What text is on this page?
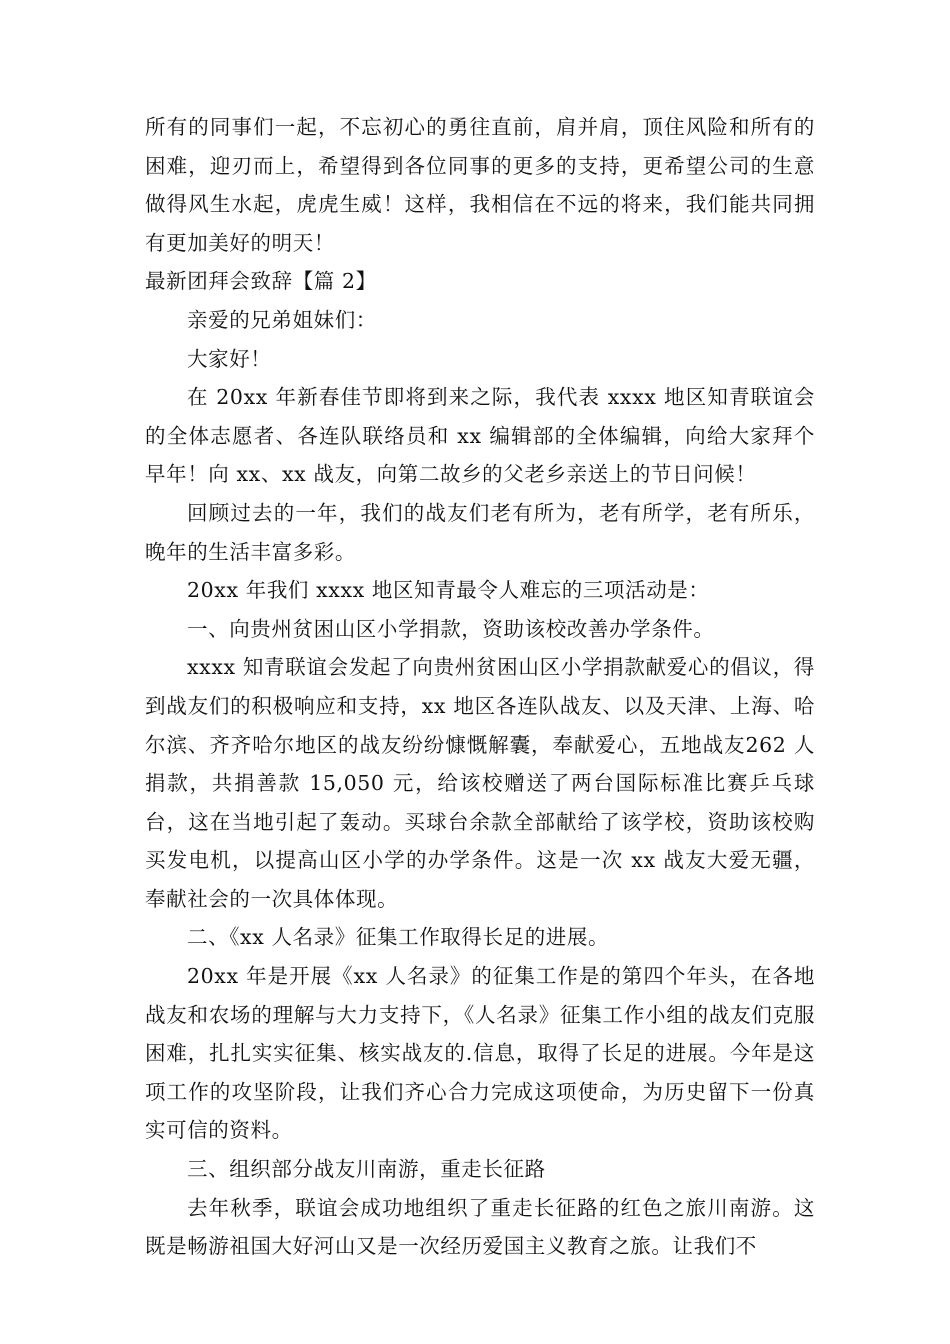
所有的同事们一起，不忘初心的勇往直前，肩并肩，顶住风险和所有的困难，迎刃而上，希望得到各位同事的更多的支持，更希望公司的生意做得风生水起，虎虎生威！这样，我相信在不远的将来，我们能共同拥有更加美好的明天！

最新团拜会致辞【篇 2】

亲爱的兄弟姐妹们：

大家好！

在 20xx 年新春佳节即将到来之际，我代表 xxxx 地区知青联谊会的全体志愿者、各连队联络员和 xx 编辑部的全体编辑，向给大家拜个早年！向 xx、xx 战友，向第二故乡的父老乡亲送上的节日问候！

回顾过去的一年，我们的战友们老有所为，老有所学，老有所乐，晚年的生活丰富多彩。

20xx 年我们 xxxx 地区知青最令人难忘的三项活动是：

一、向贵州贫困山区小学捐款，资助该校改善办学条件。

xxxx 知青联谊会发起了向贵州贫困山区小学捐款献爱心的倡议，得到战友们的积极响应和支持，xx 地区各连队战友、以及天津、上海、哈尔滨、齐齐哈尔地区的战友纷纷慷慨解囊，奉献爱心，五地战友262 人捐款，共捐善款 15,050 元，给该校赠送了两台国际标准比赛乒乓球台，这在当地引起了轰动。买球台余款全部献给了该学校，资助该校购买发电机，以提高山区小学的办学条件。这是一次 xx 战友大爱无疆，奉献社会的一次具体体现。

二、《xx 人名录》征集工作取得长足的进展。

20xx 年是开展《xx 人名录》的征集工作是的第四个年头，在各地战友和农场的理解与大力支持下，《人名录》征集工作小组的战友们克服困难，扎扎实实征集、核实战友的.信息，取得了长足的进展。今年是这项工作的攻坚阶段，让我们齐心合力完成这项使命，为历史留下一份真实可信的资料。

三、组织部分战友川南游，重走长征路

去年秋季，联谊会成功地组织了重走长征路的红色之旅川南游。这既是畅游祖国大好河山又是一次经历爱国主义教育之旅。让我们不
